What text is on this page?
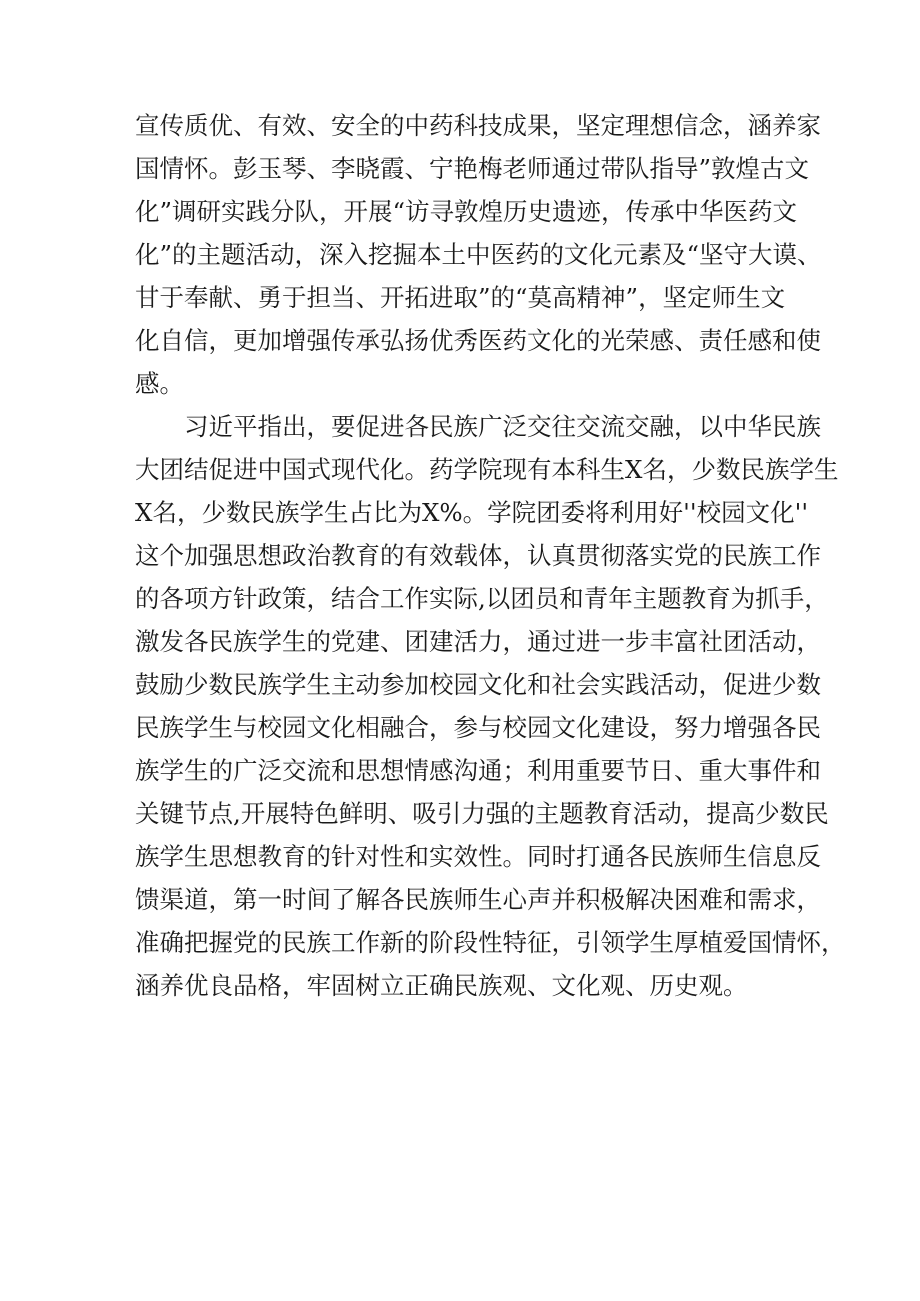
宣传质优、有效、安全的中药科技成果，坚定理想信念，涵养家
国情怀。彭玉琴、李晓霞、宁艳梅老师通过带队指导”敦煌古文
化”调研实践分队，开展“访寻敦煌历史遗迹，传承中华医药文
化”的主题活动，深入挖掘本土中医药的文化元素及“坚守大谟、
甘于奉献、勇于担当、开拓进取”的“莫高精神”，坚定师生文
化自信，更加增强传承弘扬优秀医药文化的光荣感、责任感和使
感。

　　习近平指出，要促进各民族广泛交往交流交融，以中华民族
大团结促进中国式现代化。药学院现有本科生X名，少数民族学生
X名，少数民族学生占比为X%。学院团委将利用好''校园文化''
这个加强思想政治教育的有效载体，认真贯彻落实党的民族工作
的各项方针政策，结合工作实际,以团员和青年主题教育为抓手，
激发各民族学生的党建、团建活力，通过进一步丰富社团活动，
鼓励少数民族学生主动参加校园文化和社会实践活动，促进少数
民族学生与校园文化相融合，参与校园文化建设，努力增强各民
族学生的广泛交流和思想情感沟通；利用重要节日、重大事件和
关键节点,开展特色鲜明、吸引力强的主题教育活动，提高少数民
族学生思想教育的针对性和实效性。同时打通各民族师生信息反
馈渠道，第一时间了解各民族师生心声并积极解决困难和需求，
准确把握党的民族工作新的阶段性特征，引领学生厚植爱国情怀，
涵养优良品格，牢固树立正确民族观、文化观、历史观。
